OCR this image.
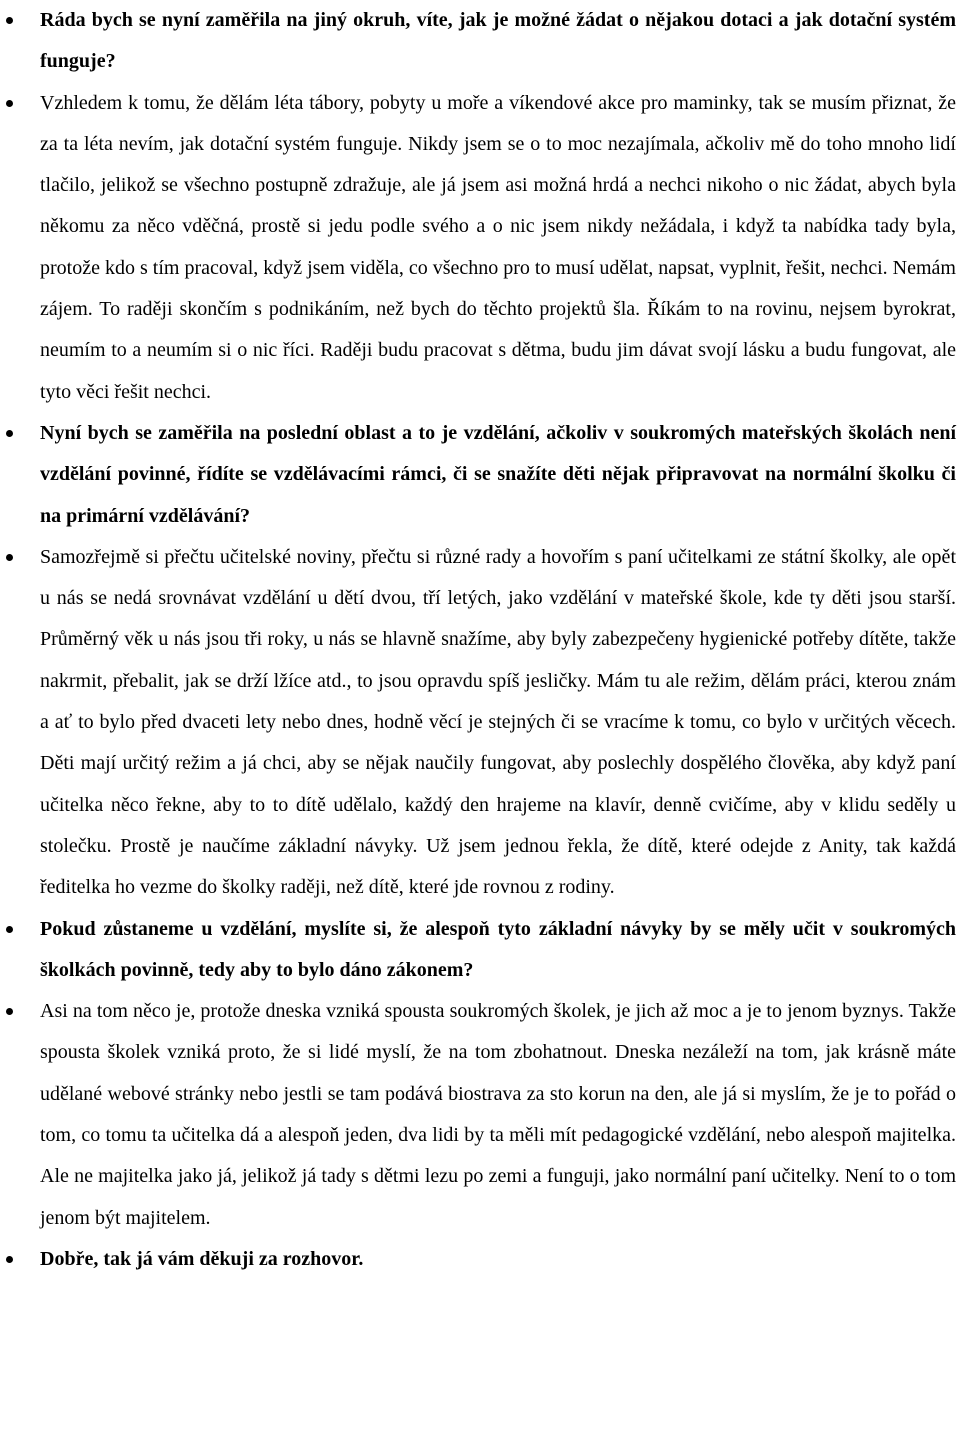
Ráda bych se nyní zaměřila na jiný okruh, víte, jak je možné žádat o nějakou dotaci a jak dotační systém funguje?
Vzhledem k tomu, že dělám léta tábory, pobyty u moře a víkendové akce pro maminky, tak se musím přiznat, že za ta léta nevím, jak dotační systém funguje. Nikdy jsem se o to moc nezajímala, ačkoliv mě do toho mnoho lidí tlačilo, jelikož se všechno postupně zdražuje, ale já jsem asi možná hrdá a nechci nikoho o nic žádat, abych byla někomu za něco vděčná, prostě si jedu podle svého a o nic jsem nikdy nežádala, i když ta nabídka tady byla, protože kdo s tím pracoval, když jsem viděla, co všechno pro to musí udělat, napsat, vyplnit, řešit, nechci. Nemám zájem. To raději skončím s podnikáním, než bych do těchto projektů šla. Říkám to na rovinu, nejsem byrokrat, neumím to a neumím si o nic říci. Raději budu pracovat s dětma, budu jim dávat svojí lásku a budu fungovat, ale tyto věci řešit nechci.
Nyní bych se zaměřila na poslední oblast a to je vzdělání, ačkoliv v soukromých mateřských školách není vzdělání povinné, řídíte se vzdělávacími rámci, či se snažíte děti nějak připravovat na normální školku či na primární vzdělávání?
Samozřejmě si přečtu učitelské noviny, přečtu si různé rady a hovořím s paní učitelkami ze státní školky, ale opět u nás se nedá srovnávat vzdělání u dětí dvou, tří letých, jako vzdělání v mateřské škole, kde ty děti jsou starší. Průměrný věk u nás jsou tři roky, u nás se hlavně snažíme, aby byly zabezpečeny hygienické potřeby dítěte, takže nakrmit, přebalit, jak se drží lžíce atd., to jsou opravdu spíš jesličky. Mám tu ale režim, dělám práci, kterou znám a ať to bylo před dvaceti lety nebo dnes, hodně věcí je stejných či se vracíme k tomu, co bylo v určitých věcech. Děti mají určitý režim a já chci, aby se nějak naučily fungovat, aby poslechly dospělého člověka, aby když paní učitelka něco řekne, aby to to dítě udělalo, každý den hrajeme na klavír, denně cvičíme, aby v klidu seděly u stolečku. Prostě je naučíme základní návyky. Už jsem jednou řekla, že dítě, které odejde z Anity, tak každá ředitelka ho vezme do školky raději, než dítě, které jde rovnou z rodiny.
Pokud zůstaneme u vzdělání, myslíte si, že alespoň tyto základní návyky by se měly učit v soukromých školkách povinně, tedy aby to bylo dáno zákonem?
Asi na tom něco je, protože dneska vzniká spousta soukromých školek, je jich až moc a je to jenom byznys. Takže spousta školek vzniká proto, že si lidé myslí, že na tom zbohatnout. Dneska nezáleží na tom, jak krásně máte udělané webové stránky nebo jestli se tam podává biostrava za sto korun na den, ale já si myslím, že je to pořád o tom, co tomu ta učitelka dá a alespoň jeden, dva lidi by ta měli mít pedagogické vzdělání, nebo alespoň majitelka. Ale ne majitelka jako já, jelikož já tady s dětmi lezu po zemi a funguji, jako normální paní učitelky. Není to o tom jenom být majitelem.
Dobře, tak já vám děkuji za rozhovor.
